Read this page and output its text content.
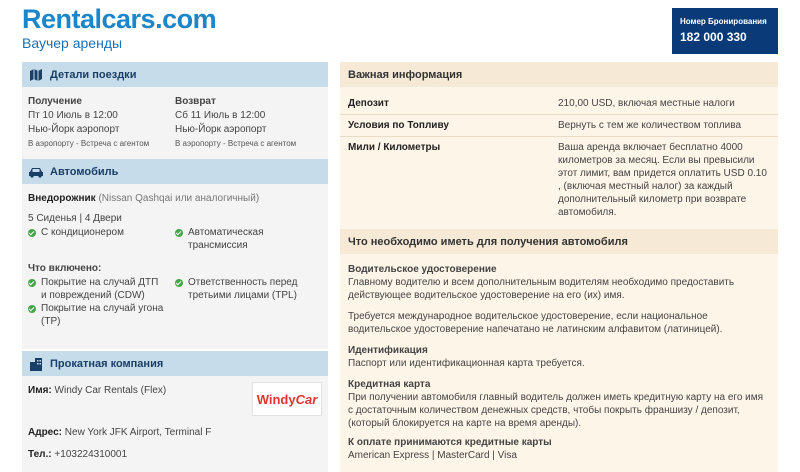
Rentalcars.com
Ваучер аренды
Номер Бронирования
182 000 330
Детали поездки
Получение
Пт 10 Июль в 12:00
Нью-Йорк аэропорт
В аэропорту - Встреча с агентом
Возврат
Сб 11 Июль в 12:00
Нью-Йорк аэропорт
В аэропорту - Встреча с агентом
Автомобиль
Внедорожник (Nissan Qashqai или аналогичный)
5 Сиденья | 4 Двери
С кондиционером	Автоматическая трансмиссия
Что включено:
Покрытие на случай ДТП и повреждений (CDW)
Покрытие на случай угона (TP)
Ответственность перед третьими лицами (TPL)
Прокатная компания
Имя: Windy Car Rentals (Flex)
Windy Car
Адрес: New York JFK Airport, Terminal F
Тел.: +103224310001
Важная информация
Депозит	210,00 USD, включая местные налоги
Условия по Топливу	Вернуть с тем же количеством топлива
Мили / Километры	Ваша аренда включает бесплатно 4000 километров за месяц. Если вы превысили этот лимит, вам придется оплатить USD 0.10 , (включая местный налог) за каждый дополнительный километр при возврате автомобиля.
Что необходимо иметь для получения автомобиля
Водительское удостоверение
Главному водителю и всем дополнительным водителям необходимо предоставить действующее водительское удостоверение на его (их) имя.
Требуется международное водительское удостоверение, если национальное водительское удостоверение напечатано не латинским алфавитом (латиницей).
Идентификация
Паспорт или идентификационная карта требуется.
Кредитная карта
При получении автомобиля главный водитель должен иметь кредитную карту на его имя с достаточным количеством денежных средств, чтобы покрыть франшизу / депозит, (который блокируется на карте на время аренды).
К оплате принимаются кредитные карты
American Express | MasterCard | Visa
